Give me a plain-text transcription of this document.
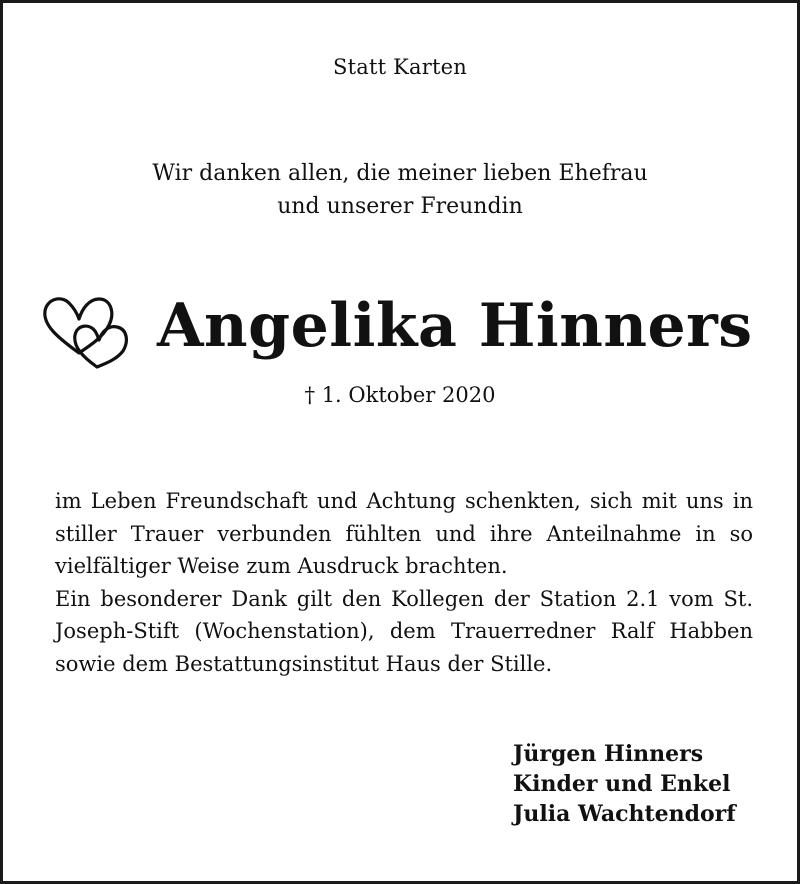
Statt Karten
Wir danken allen, die meiner lieben Ehefrau
und unserer Freundin
Angelika Hinners
† 1. Oktober 2020

im Leben Freundschaft und Achtung schenkten, sich mit uns in stiller Trauer verbunden fühlten und ihre Anteilnahme in so vielfältiger Weise zum Ausdruck brachten.

Ein besonderer Dank gilt den Kollegen der Station 2.1 vom St. Joseph-Stift (Wochenstation), dem Trauerredner Ralf Habben sowie dem Bestattungsinstitut Haus der Stille.

Jürgen Hinners
Kinder und Enkel
Julia Wachtendorf
